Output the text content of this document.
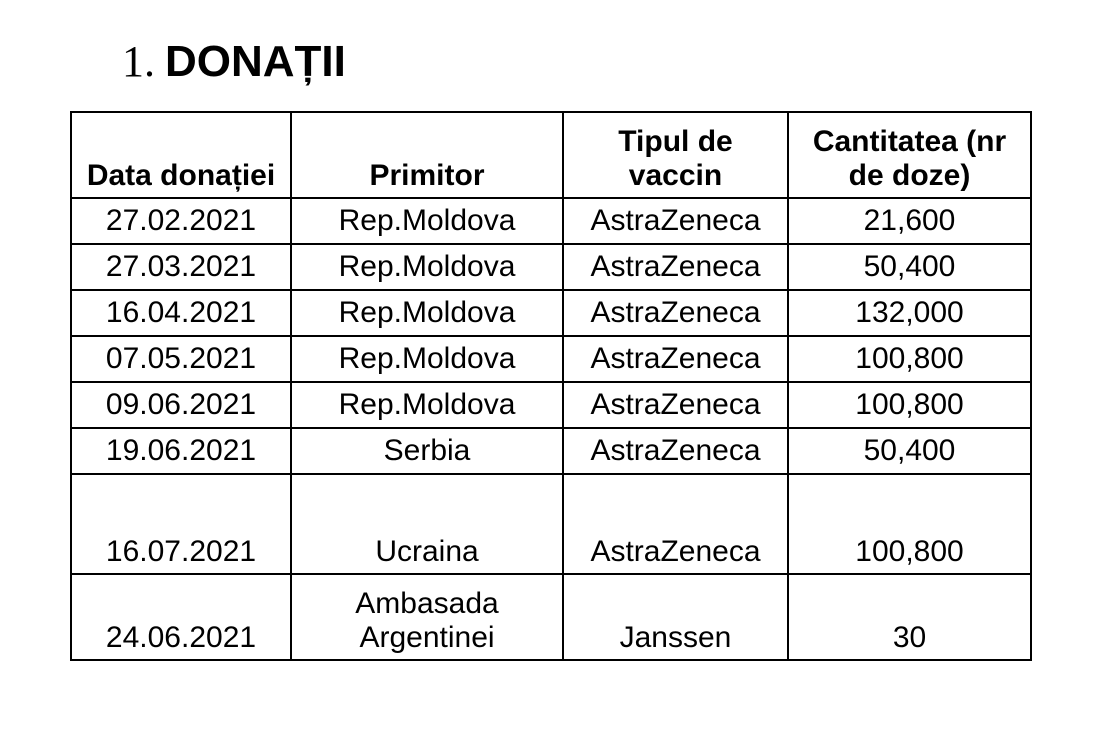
1. DONAȚII
Data donației	Primitor	Tipul de vaccin	Cantitatea (nr de doze)
27.02.2021	Rep.Moldova	AstraZeneca	21,600
27.03.2021	Rep.Moldova	AstraZeneca	50,400
16.04.2021	Rep.Moldova	AstraZeneca	132,000
07.05.2021	Rep.Moldova	AstraZeneca	100,800
09.06.2021	Rep.Moldova	AstraZeneca	100,800
19.06.2021	Serbia	AstraZeneca	50,400
16.07.2021	Ucraina	AstraZeneca	100,800
24.06.2021	Ambasada Argentinei	Janssen	30
